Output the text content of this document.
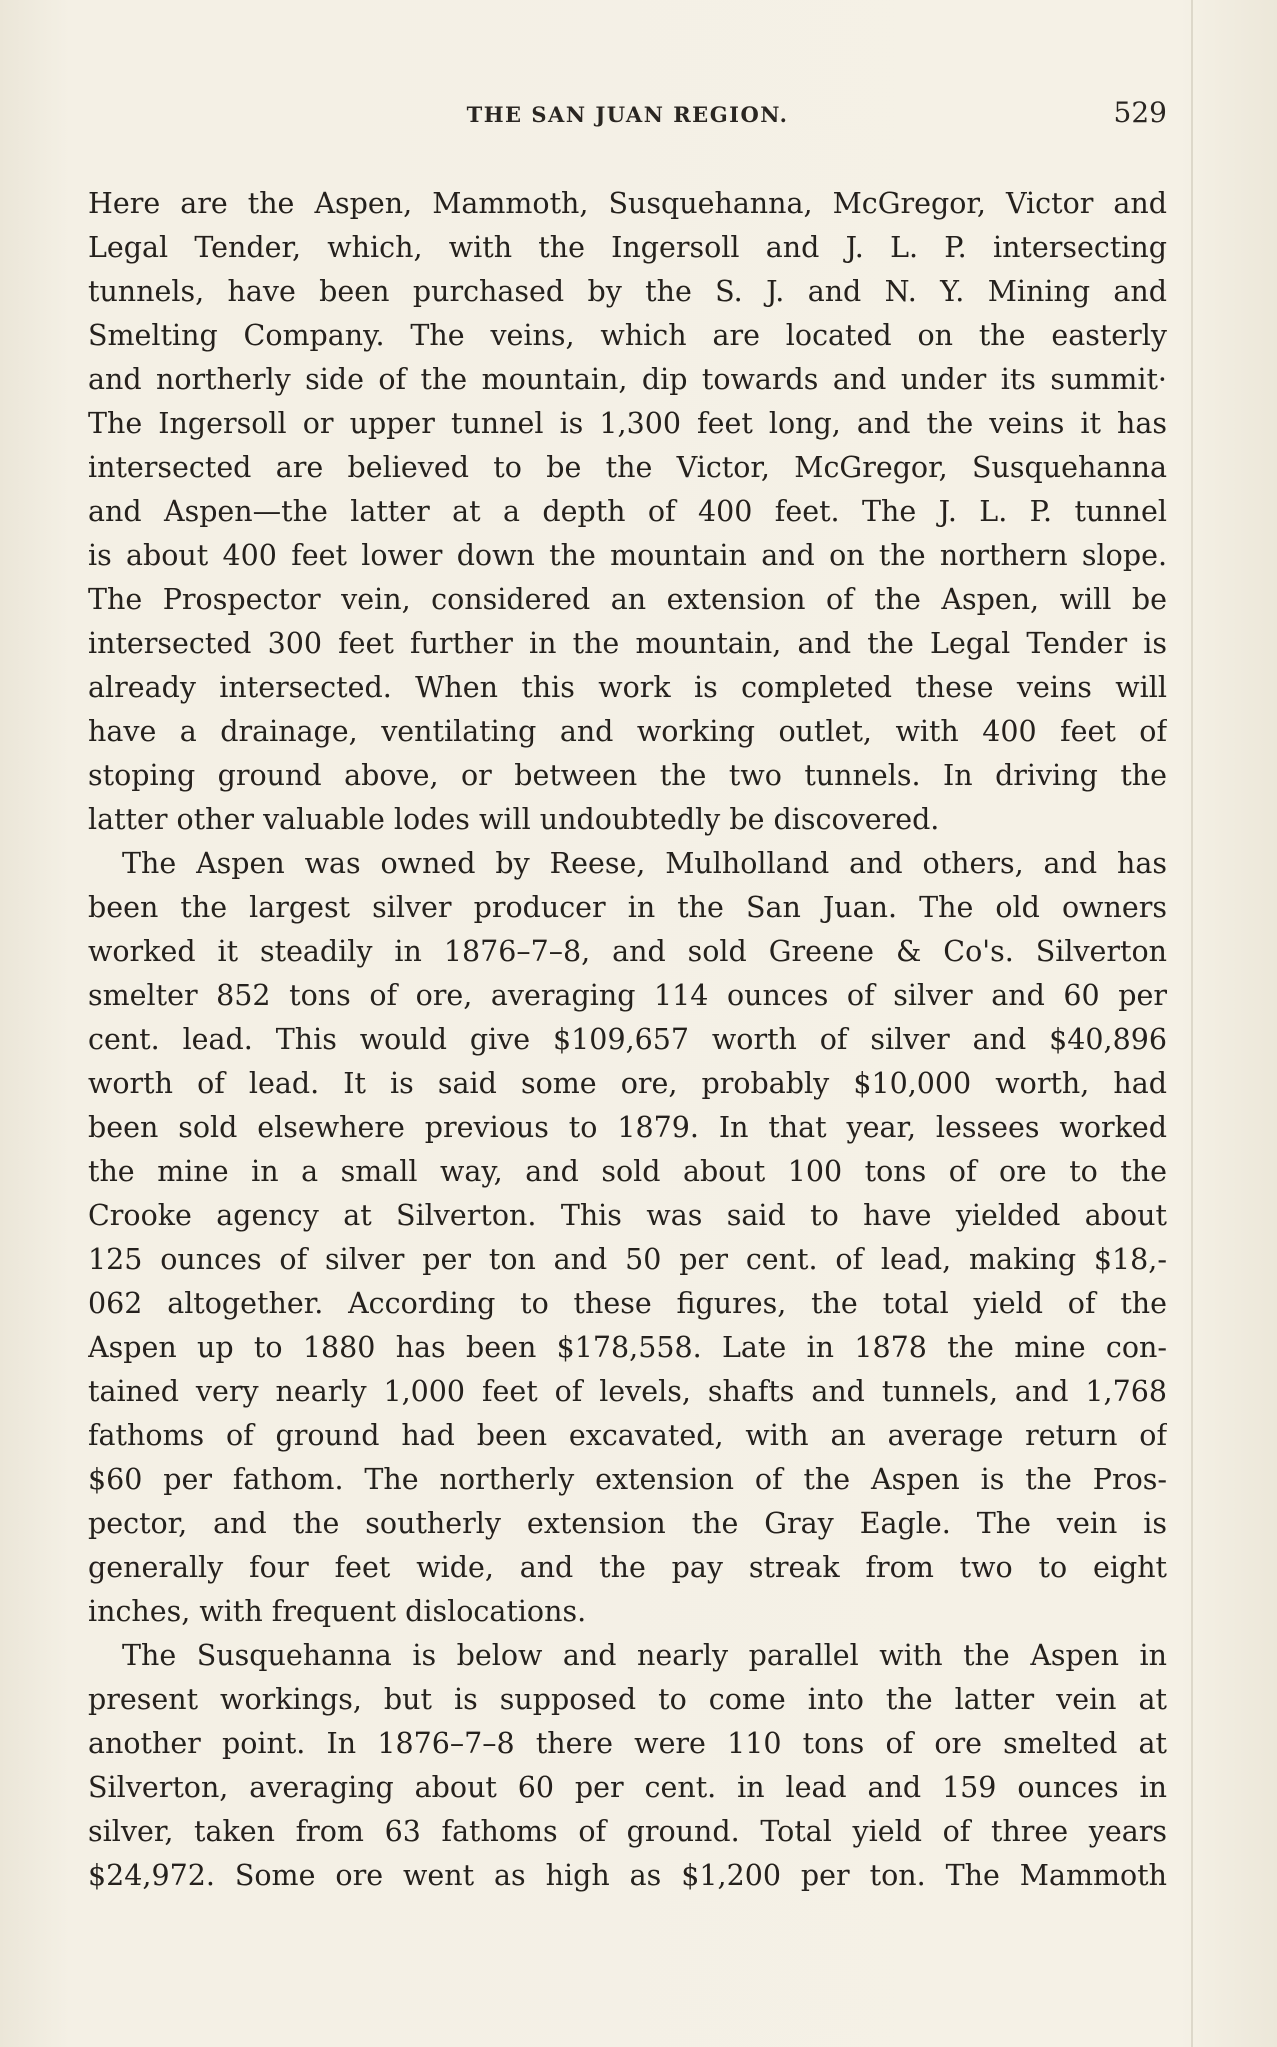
THE SAN JUAN REGION.	529
Here are the Aspen, Mammoth, Susquehanna, McGregor, Victor and
Legal Tender, which, with the Ingersoll and J. L. P. intersecting
tunnels, have been purchased by the S. J. and N. Y. Mining and
Smelting Company. The veins, which are located on the easterly
and northerly side of the mountain, dip towards and under its summit·
The Ingersoll or upper tunnel is 1,300 feet long, and the veins it has
intersected are believed to be the Victor, McGregor, Susquehanna
and Aspen—the latter at a depth of 400 feet. The J. L. P. tunnel
is about 400 feet lower down the mountain and on the northern slope.
The Prospector vein, considered an extension of the Aspen, will be
intersected 300 feet further in the mountain, and the Legal Tender is
already intersected. When this work is completed these veins will
have a drainage, ventilating and working outlet, with 400 feet of
stoping ground above, or between the two tunnels. In driving the
latter other valuable lodes will undoubtedly be discovered.
The Aspen was owned by Reese, Mulholland and others, and has
been the largest silver producer in the San Juan. The old owners
worked it steadily in 1876–7–8, and sold Greene & Co's. Silverton
smelter 852 tons of ore, averaging 114 ounces of silver and 60 per
cent. lead. This would give $109,657 worth of silver and $40,896
worth of lead. It is said some ore, probably $10,000 worth, had
been sold elsewhere previous to 1879. In that year, lessees worked
the mine in a small way, and sold about 100 tons of ore to the
Crooke agency at Silverton. This was said to have yielded about
125 ounces of silver per ton and 50 per cent. of lead, making $18,-
062 altogether. According to these figures, the total yield of the
Aspen up to 1880 has been $178,558. Late in 1878 the mine con-
tained very nearly 1,000 feet of levels, shafts and tunnels, and 1,768
fathoms of ground had been excavated, with an average return of
$60 per fathom. The northerly extension of the Aspen is the Pros-
pector, and the southerly extension the Gray Eagle. The vein is
generally four feet wide, and the pay streak from two to eight
inches, with frequent dislocations.
The Susquehanna is below and nearly parallel with the Aspen in
present workings, but is supposed to come into the latter vein at
another point. In 1876–7–8 there were 110 tons of ore smelted at
Silverton, averaging about 60 per cent. in lead and 159 ounces in
silver, taken from 63 fathoms of ground. Total yield of three years
$24,972. Some ore went as high as $1,200 per ton. The Mammoth
